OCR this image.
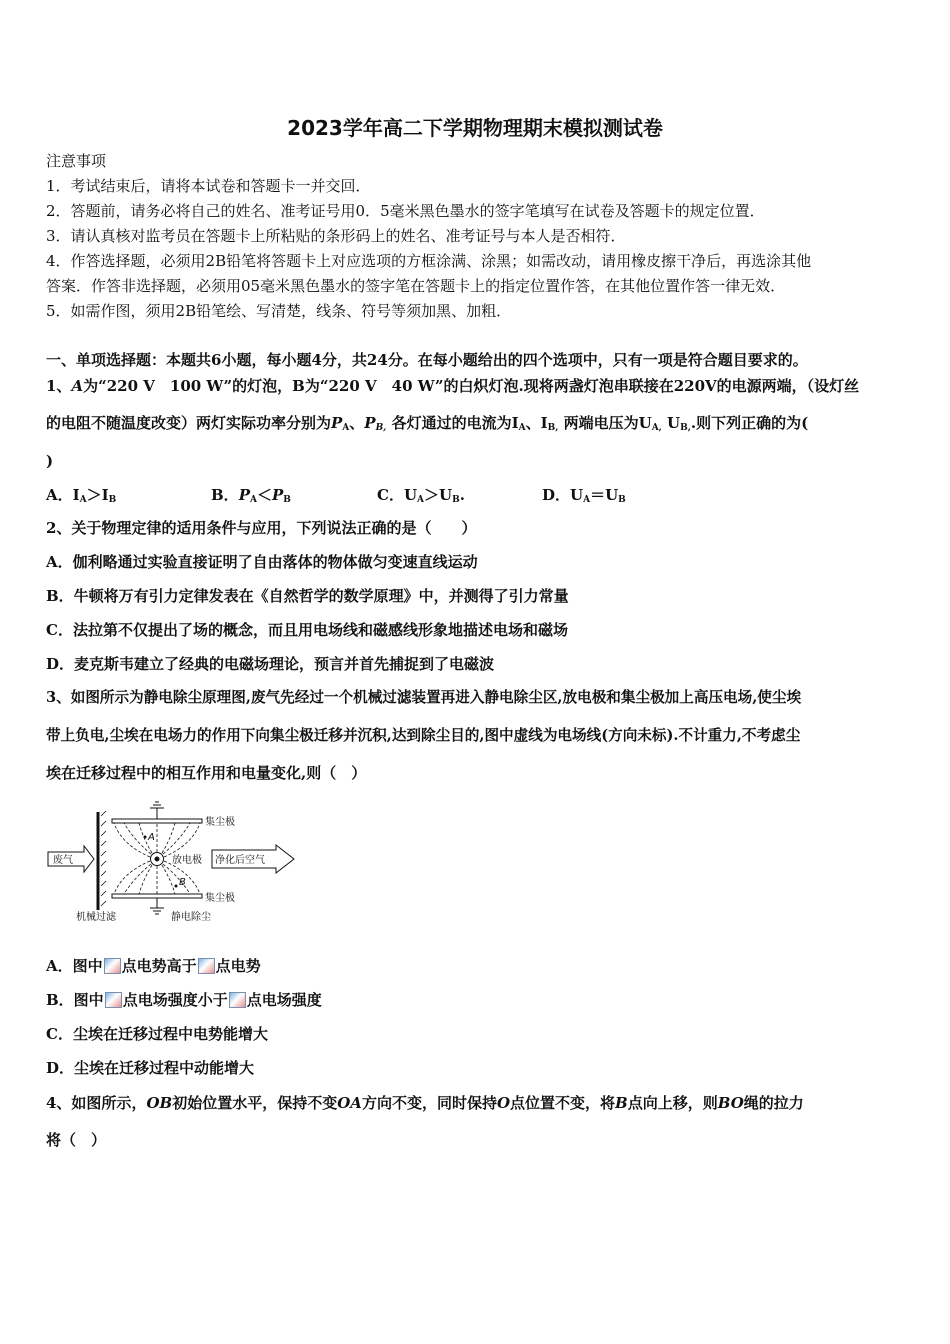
2023学年高二下学期物理期末模拟测试卷
注意事项
1．考试结束后，请将本试卷和答题卡一并交回．
2．答题前，请务必将自己的姓名、准考证号用0．5毫米黑色墨水的签字笔填写在试卷及答题卡的规定位置．
3．请认真核对监考员在答题卡上所粘贴的条形码上的姓名、准考证号与本人是否相符．
4．作答选择题，必须用2B铅笔将答题卡上对应选项的方框涂满、涂黑；如需改动，请用橡皮擦干净后，再选涂其他
答案．作答非选择题，必须用05毫米黑色墨水的签字笔在答题卡上的指定位置作答，在其他位置作答一律无效．
5．如需作图，须用2B铅笔绘、写清楚，线条、符号等须加黑、加粗．
一、单项选择题：本题共6小题，每小题4分，共24分。在每小题给出的四个选项中，只有一项是符合题目要求的。
1、A为“220 V　100 W”的灯泡，B为“220 V　40 W”的白炽灯泡.现将两盏灯泡串联接在220V的电源两端，（设灯丝
的电阻不随温度改变）两灯实际功率分别为$P_A$、$P_{B,}$ 各灯通过的电流为$I_A$、$I_{B,}$ 两端电压为$U_{A,}$ $U_{B,}$.则下列正确的为(
)
A．$I_A>I_B$	B．$P_A<P_B$	C．$U_A>U_B$.	D．$U_A=U_B$
2、关于物理定律的适用条件与应用，下列说法正确的是（　　）
A．伽利略通过实验直接证明了自由落体的物体做匀变速直线运动
B．牛顿将万有引力定律发表在《自然哲学的数学原理》中，并测得了引力常量
C．法拉第不仅提出了场的概念，而且用电场线和磁感线形象地描述电场和磁场
D．麦克斯韦建立了经典的电磁场理论，预言并首先捕捉到了电磁波
3、如图所示为静电除尘原理图,废气先经过一个机械过滤装置再进入静电除尘区,放电极和集尘极加上高压电场,使尘埃
带上负电,尘埃在电场力的作用下向集尘极迁移并沉积,达到除尘目的,图中虚线为电场线(方向未标).不计重力,不考虑尘
埃在迁移过程中的相互作用和电量变化,则（　）
废气
A
B
集尘极
放电极 净化后空气
集尘极
机械过滤	静电除尘
A．图中 点电势高于 点电势
B．图中 点电场强度小于 点电场强度
C．尘埃在迁移过程中电势能增大
D．尘埃在迁移过程中动能增大
4、如图所示，OB初始位置水平，保持不变OA方向不变，同时保持O点位置不变，将B点向上移，则BO绳的拉力
将（　）
